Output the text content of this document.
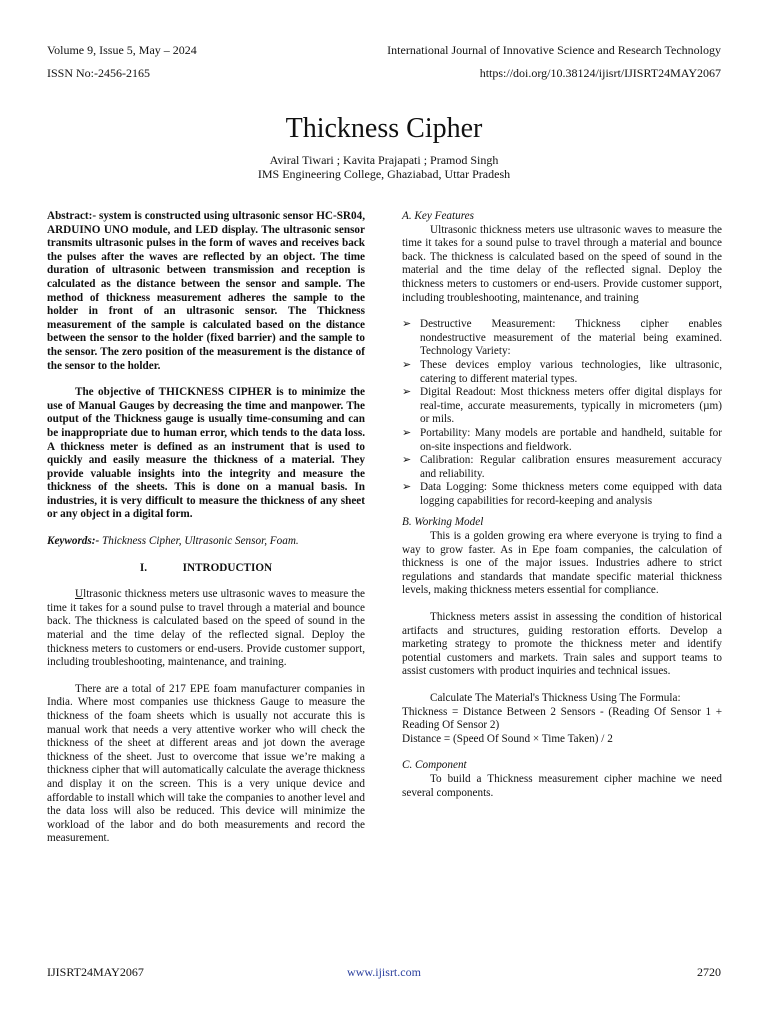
Volume 9, Issue 5, May – 2024	International Journal of Innovative Science and Research Technology
ISSN No:-2456-2165	https://doi.org/10.38124/ijisrt/IJISRT24MAY2067
Thickness Cipher
Aviral Tiwari ; Kavita Prajapati ; Pramod Singh
IMS Engineering College, Ghaziabad, Uttar Pradesh

Abstract:- system is constructed using ultrasonic sensor HC-SR04, ARDUINO UNO module, and LED display. The ultrasonic sensor transmits ultrasonic pulses in the form of waves and receives back the pulses after the waves are reflected by an object. The time duration of ultrasonic between transmission and reception is calculated as the distance between the sensor and sample. The method of thickness measurement adheres the sample to the holder in front of an ultrasonic sensor. The Thickness measurement of the sample is calculated based on the distance between the sensor to the holder (fixed barrier) and the sample to the sensor. The zero position of the measurement is the distance of the sensor to the holder.

The objective of THICKNESS CIPHER is to minimize the use of Manual Gauges by decreasing the time and manpower. The output of the Thickness gauge is usually time-consuming and can be inappropriate due to human error, which tends to the data loss. A thickness meter is defined as an instrument that is used to quickly and easily measure the thickness of a material. They provide valuable insights into the integrity and measure the thickness of the sheets. This is done on a manual basis. In industries, it is very difficult to measure the thickness of any sheet or any object in a digital form.

Keywords:- Thickness Cipher, Ultrasonic Sensor, Foam.

I.	INTRODUCTION

Ultrasonic thickness meters use ultrasonic waves to measure the time it takes for a sound pulse to travel through a material and bounce back. The thickness is calculated based on the speed of sound in the material and the time delay of the reflected signal. Deploy the thickness meters to customers or end-users. Provide customer support, including troubleshooting, maintenance, and training.

There are a total of 217 EPE foam manufacturer companies in India. Where most companies use thickness Gauge to measure the thickness of the foam sheets which is usually not accurate this is manual work that needs a very attentive worker who will check the thickness of the sheet at different areas and jot down the average thickness of the sheet. Just to overcome that issue we’re making a thickness cipher that will automatically calculate the average thickness and display it on the screen. This is a very unique device and affordable to install which will take the companies to another level and the data loss will also be reduced. This device will minimize the workload of the labor and do both measurements and record the measurement.

A. Key Features

Ultrasonic thickness meters use ultrasonic waves to measure the time it takes for a sound pulse to travel through a material and bounce back. The thickness is calculated based on the speed of sound in the material and the time delay of the reflected signal. Deploy the thickness meters to customers or end-users. Provide customer support, including troubleshooting, maintenance, and training

➢ Destructive Measurement: Thickness cipher enables nondestructive measurement of the material being examined. Technology Variety:
➢ These devices employ various technologies, like ultrasonic, catering to different material types.
➢ Digital Readout: Most thickness meters offer digital displays for real-time, accurate measurements, typically in micrometers (µm) or mils.
➢ Portability: Many models are portable and handheld, suitable for on-site inspections and fieldwork.
➢ Calibration: Regular calibration ensures measurement accuracy and reliability.
➢ Data Logging: Some thickness meters come equipped with data logging capabilities for record-keeping and analysis

B. Working Model

This is a golden growing era where everyone is trying to find a way to grow faster. As in Epe foam companies, the calculation of thickness is one of the major issues. Industries adhere to strict regulations and standards that mandate specific material thickness levels, making thickness meters essential for compliance.

Thickness meters assist in assessing the condition of historical artifacts and structures, guiding restoration efforts. Develop a marketing strategy to promote the thickness meter and identify potential customers and markets. Train sales and support teams to assist customers with product inquiries and technical issues.

Calculate The Material's Thickness Using The Formula:

Thickness = Distance Between 2 Sensors - (Reading Of Sensor 1 + Reading Of Sensor 2)

Distance = (Speed Of Sound × Time Taken) / 2

C. Component

To build a Thickness measurement cipher machine we need several components.

IJISRT24MAY2067	www.ijisrt.com	2720
